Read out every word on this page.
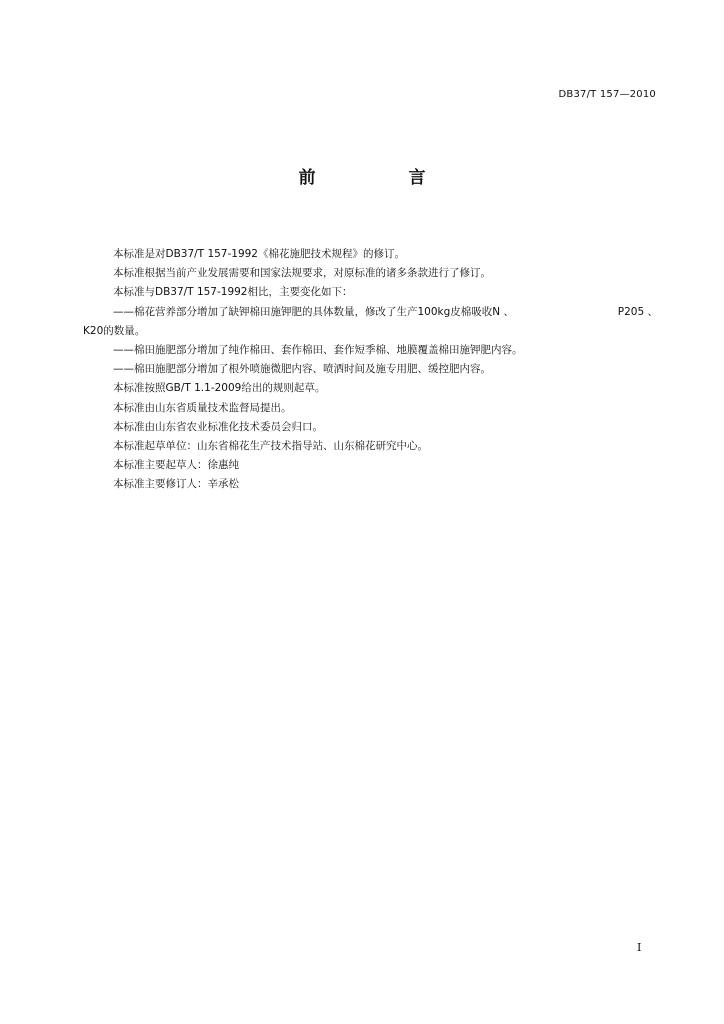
DB37/T 157—2010
前　言

本标准是对DB37/T 157-1992《棉花施肥技术规程》的修订。

本标准根据当前产业发展需要和国家法规要求，对原标准的诸多条款进行了修订。

本标准与DB37/T 157-1992相比，主要变化如下：

——棉花营养部分增加了缺钾棉田施钾肥的具体数量，修改了生产100kg皮棉吸收N 、	P205 、
K20的数量。

——棉田施肥部分增加了纯作棉田、套作棉田、套作短季棉、地膜覆盖棉田施钾肥内容。

——棉田施肥部分增加了根外喷施微肥内容、喷洒时间及施专用肥、缓控肥内容。

本标准按照GB/T 1.1-2009给出的规则起草。

本标准由山东省质量技术监督局提出。

本标准由山东省农业标准化技术委员会归口。

本标准起草单位：山东省棉花生产技术指导站、山东棉花研究中心。

本标准主要起草人：徐惠纯

本标准主要修订人：辛承松

I
